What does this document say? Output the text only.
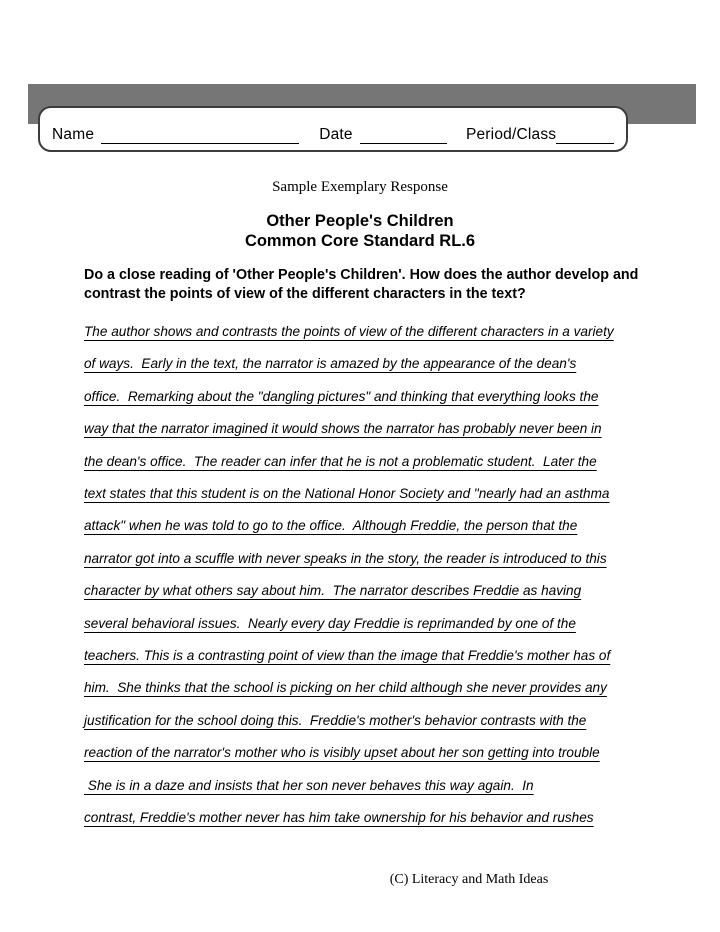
Name	Date	Period/Class
Sample Exemplary Response
Other People's Children
Common Core Standard RL.6
Do a close reading of 'Other People's Children'. How does the author develop and contrast the points of view of the different characters in the text?
The author shows and contrasts the points of view of the different characters in a variety
of ways.  Early in the text, the narrator is amazed by the appearance of the dean's
office.  Remarking about the "dangling pictures" and thinking that everything looks the
way that the narrator imagined it would shows the narrator has probably never been in
the dean's office.  The reader can infer that he is not a problematic student.  Later the
text states that this student is on the National Honor Society and "nearly had an asthma
attack" when he was told to go to the office.  Although Freddie, the person that the
narrator got into a scuffle with never speaks in the story, the reader is introduced to this
character by what others say about him.  The narrator describes Freddie as having
several behavioral issues.  Nearly every day Freddie is reprimanded by one of the
teachers. This is a contrasting point of view than the image that Freddie's mother has of
him.  She thinks that the school is picking on her child although she never provides any
justification for the school doing this.  Freddie's mother's behavior contrasts with the
reaction of the narrator's mother who is visibly upset about her son getting into trouble
She is in a daze and insists that her son never behaves this way again.  In
contrast, Freddie's mother never has him take ownership for his behavior and rushes
(C) Literacy and Math Ideas
